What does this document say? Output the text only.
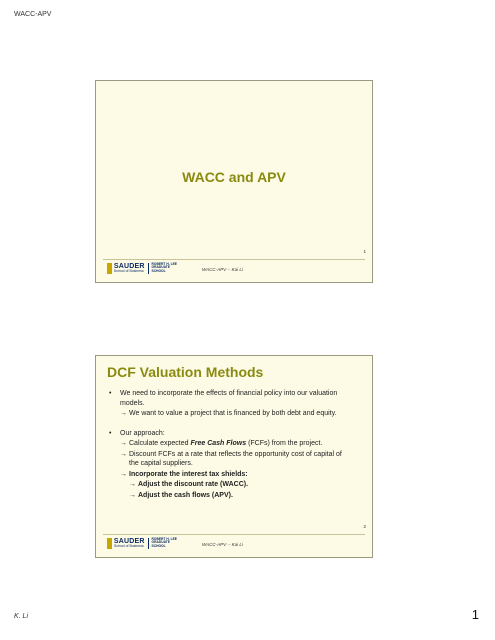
WACC-APV
WACC and APV
1
SAUDER
School of Business
ROBERT H. LEE
GRADUATE SCHOOL	WACC-APV -- Kai Li
DCF Valuation Methods
• We need to incorporate the effects of financial policy into our valuation models.
→ We want to value a project that is financed by both debt and equity.
• Our approach:
→ Calculate expected Free Cash Flows (FCFs) from the project.
→ Discount FCFs at a rate that reflects the opportunity cost of capital of the capital suppliers.
→ Incorporate the interest tax shields:
→ Adjust the discount rate (WACC).
→ Adjust the cash flows (APV).
2
SAUDER
School of Business
ROBERT H. LEE
GRADUATE SCHOOL	WACC-APV -- Kai Li
K. Li	1
